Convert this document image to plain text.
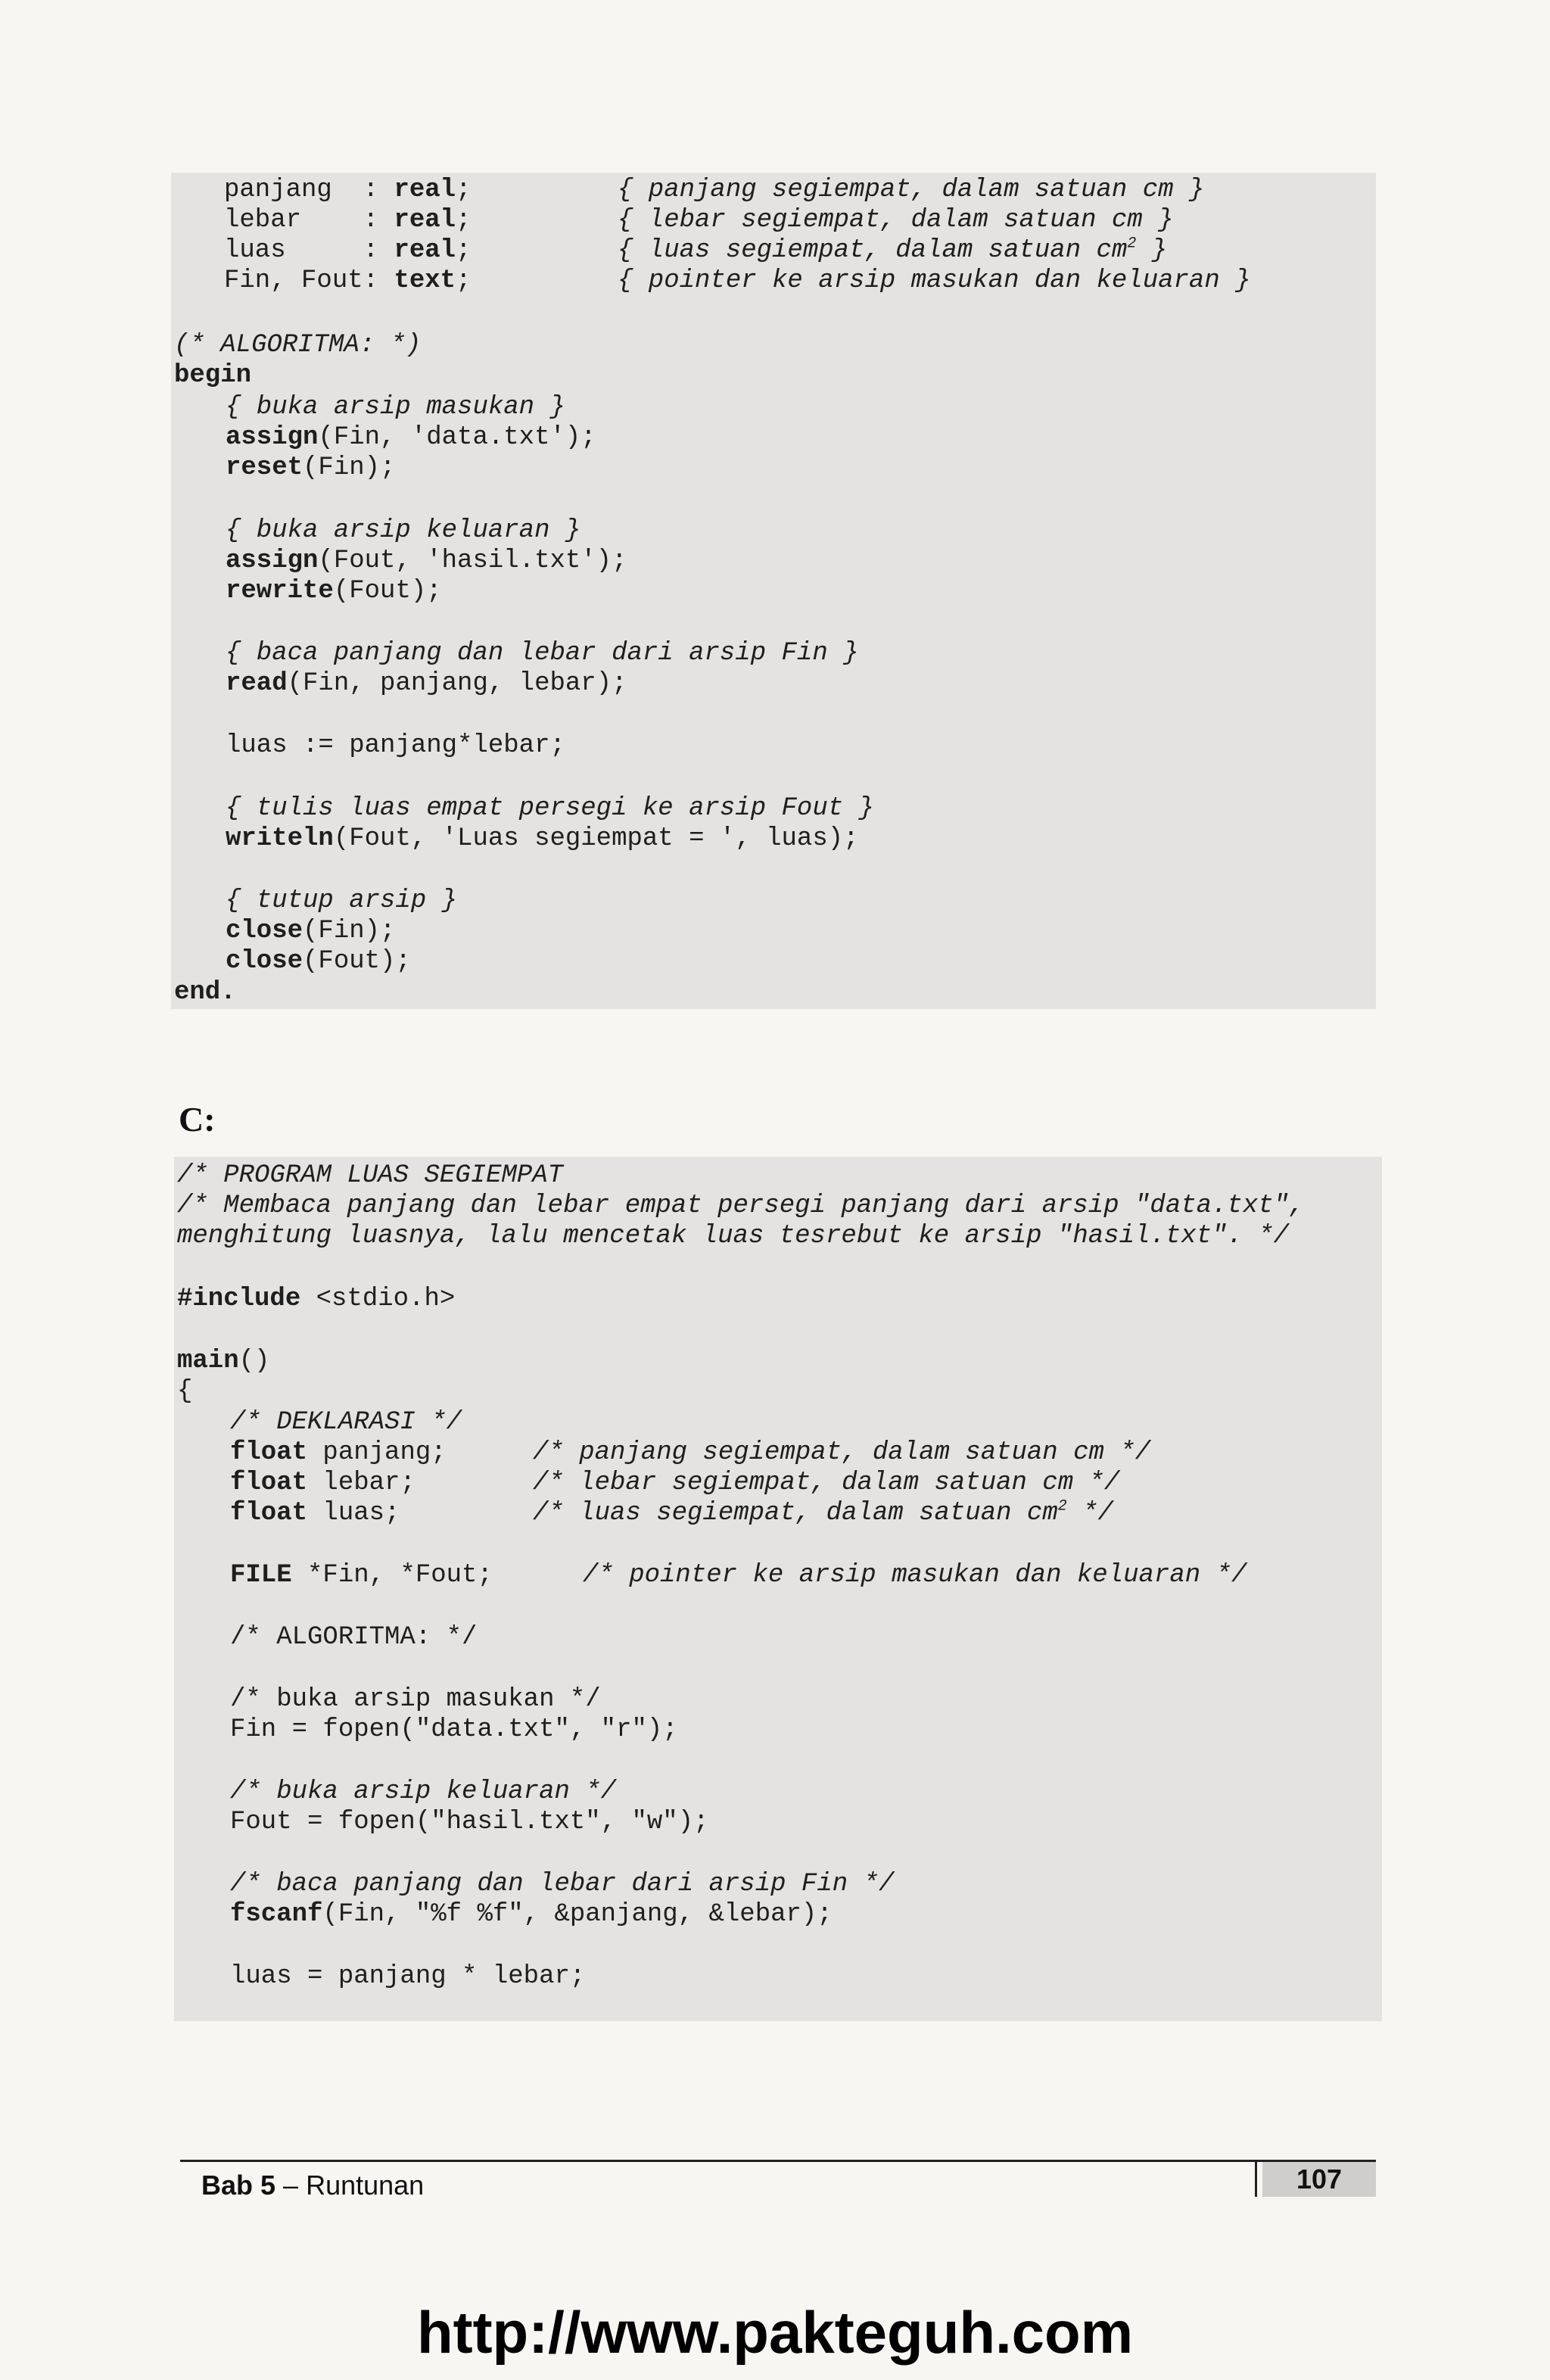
panjang  : real;	{ panjang segiempat, dalam satuan cm }
lebar    : real;	{ lebar segiempat, dalam satuan cm }
luas     : real;	{ luas segiempat, dalam satuan $cm^2$ }
Fin, Fout: text;	{ pointer ke arsip masukan dan keluaran }
(* ALGORITMA: *)
begin
{ buka arsip masukan }
assign(Fin, 'data.txt');
reset(Fin);
{ buka arsip keluaran }
assign(Fout, 'hasil.txt');
rewrite(Fout);
{ baca panjang dan lebar dari arsip Fin }
read(Fin, panjang, lebar);
luas := panjang*lebar;
{ tulis luas empat persegi ke arsip Fout }
writeln(Fout, 'Luas segiempat = ', luas);
{ tutup arsip }
close(Fin);
close(Fout);
end.
C:
/* PROGRAM LUAS SEGIEMPAT
/* Membaca panjang dan lebar empat persegi panjang dari arsip "data.txt",
menghitung luasnya, lalu mencetak luas tesrebut ke arsip "hasil.txt". */
#include <stdio.h>
main()
{
/* DEKLARASI */
float panjang;	/* panjang segiempat, dalam satuan cm */
float lebar;	/* lebar segiempat, dalam satuan cm */
float luas;	/* luas segiempat, dalam satuan $cm^2$ */
FILE *Fin, *Fout;	/* pointer ke arsip masukan dan keluaran */
/* ALGORITMA: */
/* buka arsip masukan */
Fin = fopen("data.txt", "r");
/* buka arsip keluaran */
Fout = fopen("hasil.txt", "w");
/* baca panjang dan lebar dari arsip Fin */
fscanf(Fin, "%f %f", &panjang, &lebar);
luas = panjang * lebar;
Bab 5 – Runtunan	107
http://www.pakteguh.com
